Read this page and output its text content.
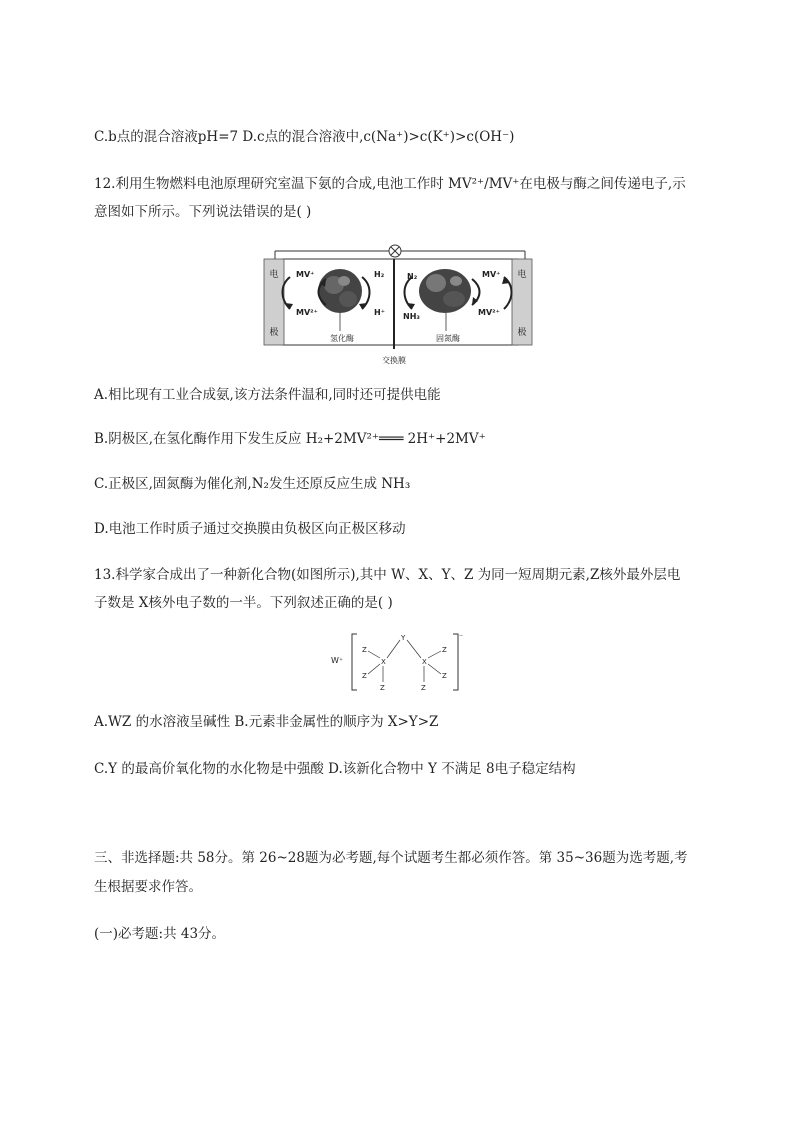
C.b点的混合溶液pH=7 D.c点的混合溶液中,c(Na⁺)>c(K⁺)>c(OH⁻)
12.利用生物燃料电池原理研究室温下氨的合成,电池工作时 MV²⁺/MV⁺在电极与酶之间传递电子,示
意图如下所示。下列说法错误的是( )
电
极
电
极
MV⁺
MV²⁺
H₂
H⁺
N₂
NH₃
MV⁺
MV²⁺
氢化酶	固氮酶
交换膜
A.相比现有工业合成氨,该方法条件温和,同时还可提供电能
B.阴极区,在氢化酶作用下发生反应 H₂+2MV²⁺═══ 2H⁺+2MV⁺
C.正极区,固氮酶为催化剂,N₂发生还原反应生成 NH₃
D.电池工作时质子通过交换膜由负极区向正极区移动
13.科学家合成出了一种新化合物(如图所示),其中 W、X、Y、Z 为同一短周期元素,Z核外最外层电
子数是 X核外电子数的一半。下列叙述正确的是( )
W⁺
⁻
Z
Z
X
Z
Y
X
Z
Z
Z
A.WZ 的水溶液呈碱性 B.元素非金属性的顺序为 X>Y>Z
C.Y 的最高价氧化物的水化物是中强酸 D.该新化合物中 Y 不满足 8电子稳定结构
三、非选择题:共 58分。第 26~28题为必考题,每个试题考生都必须作答。第 35~36题为选考题,考
生根据要求作答。
(一)必考题:共 43分。
